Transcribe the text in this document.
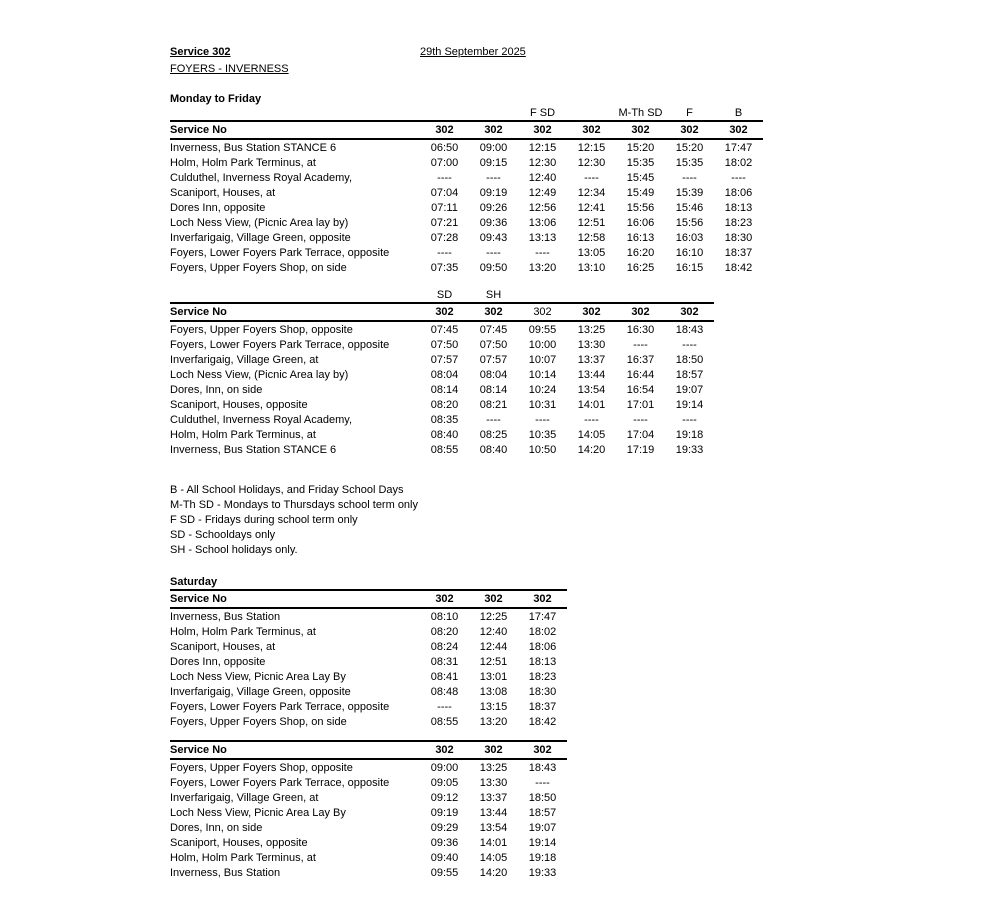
Service 302	29th September 2025
FOYERS - INVERNESS
Monday to Friday
			F SD		M-Th SD	F	B
Service No	302	302	302	302	302	302	302
Inverness, Bus Station STANCE 6	06:50	09:00	12:15	12:15	15:20	15:20	17:47
Holm, Holm Park Terminus, at	07:00	09:15	12:30	12:30	15:35	15:35	18:02
Culduthel, Inverness Royal Academy,	----	----	12:40	----	15:45	----	----
Scaniport, Houses, at	07:04	09:19	12:49	12:34	15:49	15:39	18:06
Dores Inn, opposite	07:11	09:26	12:56	12:41	15:56	15:46	18:13
Loch Ness View, (Picnic Area lay by)	07:21	09:36	13:06	12:51	16:06	15:56	18:23
Inverfarigaig, Village Green, opposite	07:28	09:43	13:13	12:58	16:13	16:03	18:30
Foyers, Lower Foyers Park Terrace, opposite	----	----	----	13:05	16:20	16:10	18:37
Foyers, Upper Foyers Shop, on side	07:35	09:50	13:20	13:10	16:25	16:15	18:42
	SD	SH				
Service No	302	302	302	302	302	302
Foyers, Upper Foyers Shop, opposite	07:45	07:45	09:55	13:25	16:30	18:43
Foyers, Lower Foyers Park Terrace, opposite	07:50	07:50	10:00	13:30	----	----
Inverfarigaig, Village Green, at	07:57	07:57	10:07	13:37	16:37	18:50
Loch Ness View, (Picnic Area lay by)	08:04	08:04	10:14	13:44	16:44	18:57
Dores, Inn, on side	08:14	08:14	10:24	13:54	16:54	19:07
Scaniport, Houses, opposite	08:20	08:21	10:31	14:01	17:01	19:14
Culduthel, Inverness Royal Academy,	08:35	----	----	----	----	----
Holm, Holm Park Terminus, at	08:40	08:25	10:35	14:05	17:04	19:18
Inverness, Bus Station STANCE 6	08:55	08:40	10:50	14:20	17:19	19:33
B - All School Holidays, and Friday School Days
M-Th SD - Mondays to Thursdays school term only
F SD - Fridays during school term only
SD - Schooldays only
SH - School holidays only.
Saturday
Service No	302	302	302
Inverness, Bus Station	08:10	12:25	17:47
Holm, Holm Park Terminus, at	08:20	12:40	18:02
Scaniport, Houses, at	08:24	12:44	18:06
Dores Inn, opposite	08:31	12:51	18:13
Loch Ness View, Picnic Area Lay By	08:41	13:01	18:23
Inverfarigaig, Village Green, opposite	08:48	13:08	18:30
Foyers, Lower Foyers Park Terrace, opposite	----	13:15	18:37
Foyers, Upper Foyers Shop, on side	08:55	13:20	18:42
Service No	302	302	302
Foyers, Upper Foyers Shop, opposite	09:00	13:25	18:43
Foyers, Lower Foyers Park Terrace, opposite	09:05	13:30	----
Inverfarigaig, Village Green, at	09:12	13:37	18:50
Loch Ness View, Picnic Area Lay By	09:19	13:44	18:57
Dores, Inn, on side	09:29	13:54	19:07
Scaniport, Houses, opposite	09:36	14:01	19:14
Holm, Holm Park Terminus, at	09:40	14:05	19:18
Inverness, Bus Station	09:55	14:20	19:33
